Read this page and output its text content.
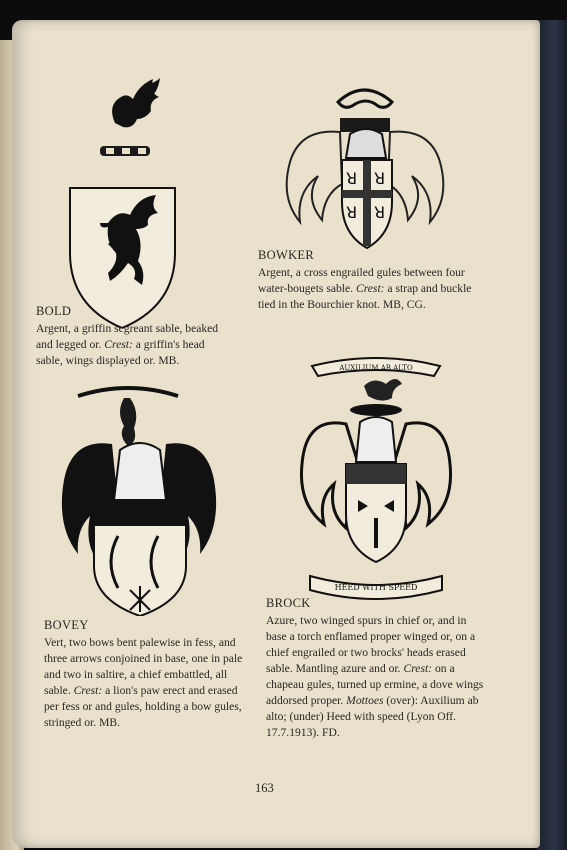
ꓤ ꓤ
ꓤ ꓤ
AUXILIUM AB ALTO
HEED WITH SPEED
BOLD
Argent, a griffin segreant sable, beaked and legged or. Crest: a griffin's head sable, wings displayed or. MB.
BOWKER
Argent, a cross engrailed gules between four water-bougets sable. Crest: a strap and buckle tied in the Bourchier knot. MB, CG.
BOVEY
Vert, two bows bent palewise in fess, and three arrows conjoined in base, one in pale and two in saltire, a chief embattled, all sable. Crest: a lion's paw erect and erased per fess or and gules, holding a bow gules, stringed or. MB.
BROCK
Azure, two winged spurs in chief or, and in base a torch enflamed proper winged or, on a chief engrailed or two brocks' heads erased sable. Mantling azure and or. Crest: on a chapeau gules, turned up ermine, a dove wings addorsed proper. Mottoes (over): Auxilium ab alto; (under) Heed with speed (Lyon Off. 17.7.1913). FD.
163
